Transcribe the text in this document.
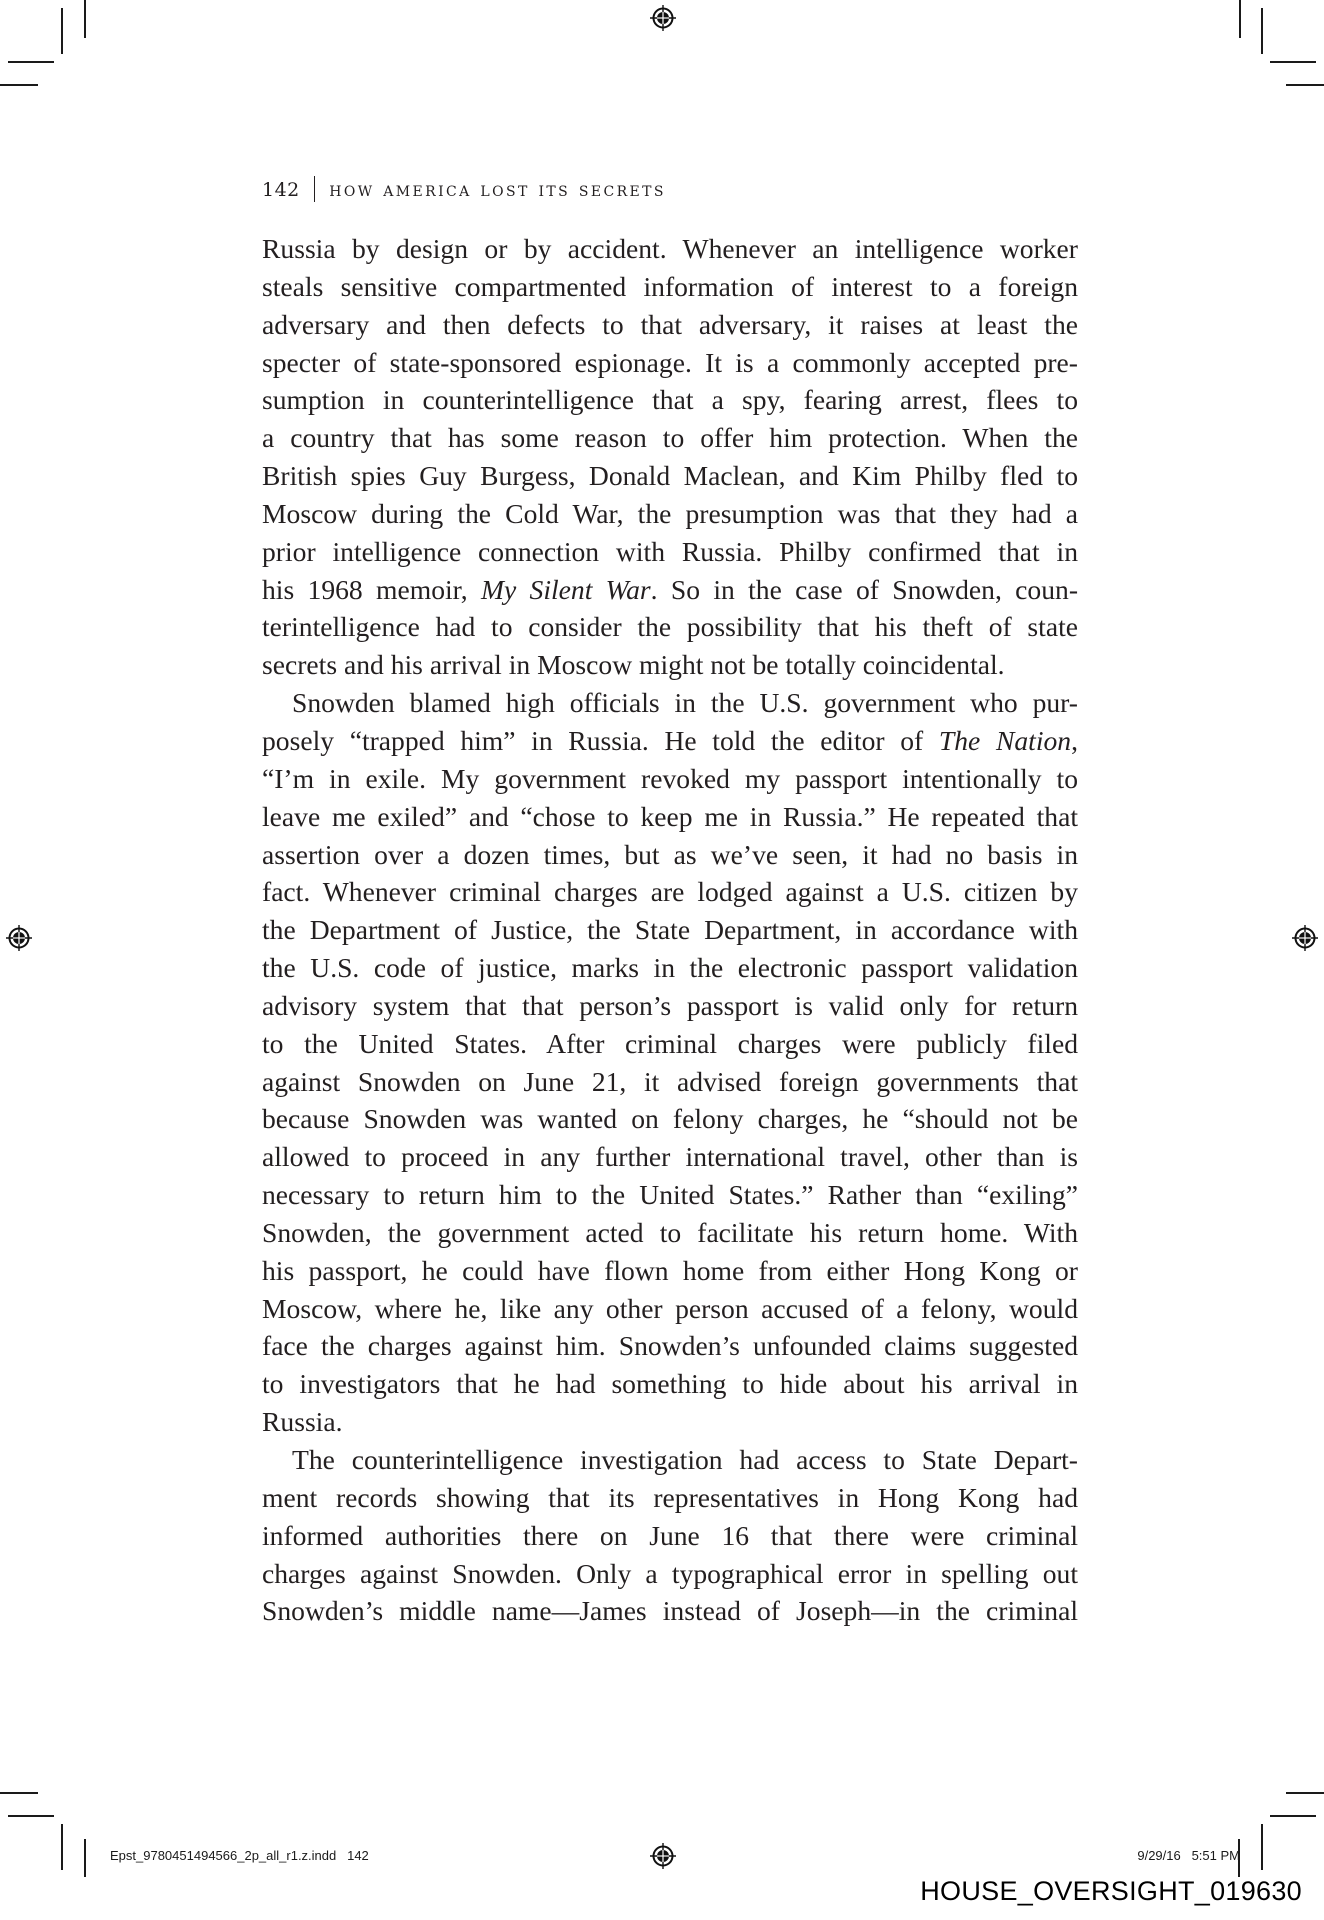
142 how america lost its secrets
Russia by design or by accident. Whenever an intelligence worker
steals sensitive compartmented information of interest to a foreign
adversary and then defects to that adversary, it raises at least the
specter of state-sponsored espionage. It is a commonly accepted pre-
sumption in counterintelligence that a spy, fearing arrest, flees to
a country that has some reason to offer him protection. When the
British spies Guy Burgess, Donald Maclean, and Kim Philby fled to
Moscow during the Cold War, the presumption was that they had a
prior intelligence connection with Russia. Philby confirmed that in
his 1968 memoir, My Silent War. So in the case of Snowden, coun-
terintelligence had to consider the possibility that his theft of state
secrets and his arrival in Moscow might not be totally coincidental.
Snowden blamed high officials in the U.S. government who pur-
posely “trapped him” in Russia. He told the editor of The Nation,
“I’m in exile. My government revoked my passport intentionally to
leave me exiled” and “chose to keep me in Russia.” He repeated that
assertion over a dozen times, but as we’ve seen, it had no basis in
fact. Whenever criminal charges are lodged against a U.S. citizen by
the Department of Justice, the State Department, in accordance with
the U.S. code of justice, marks in the electronic passport validation
advisory system that that person’s passport is valid only for return
to the United States. After criminal charges were publicly filed
against Snowden on June 21, it advised foreign governments that
because Snowden was wanted on felony charges, he “should not be
allowed to proceed in any further international travel, other than is
necessary to return him to the United States.” Rather than “exiling”
Snowden, the government acted to facilitate his return home. With
his passport, he could have flown home from either Hong Kong or
Moscow, where he, like any other person accused of a felony, would
face the charges against him. Snowden’s unfounded claims suggested
to investigators that he had something to hide about his arrival in
Russia.
The counterintelligence investigation had access to State Depart-
ment records showing that its representatives in Hong Kong had
informed authorities there on June 16 that there were criminal
charges against Snowden. Only a typographical error in spelling out
Snowden’s middle name—James instead of Joseph—in the criminal
Epst_9780451494566_2p_all_r1.z.indd 142	9/29/16 5:51 PM
HOUSE_OVERSIGHT_019630
